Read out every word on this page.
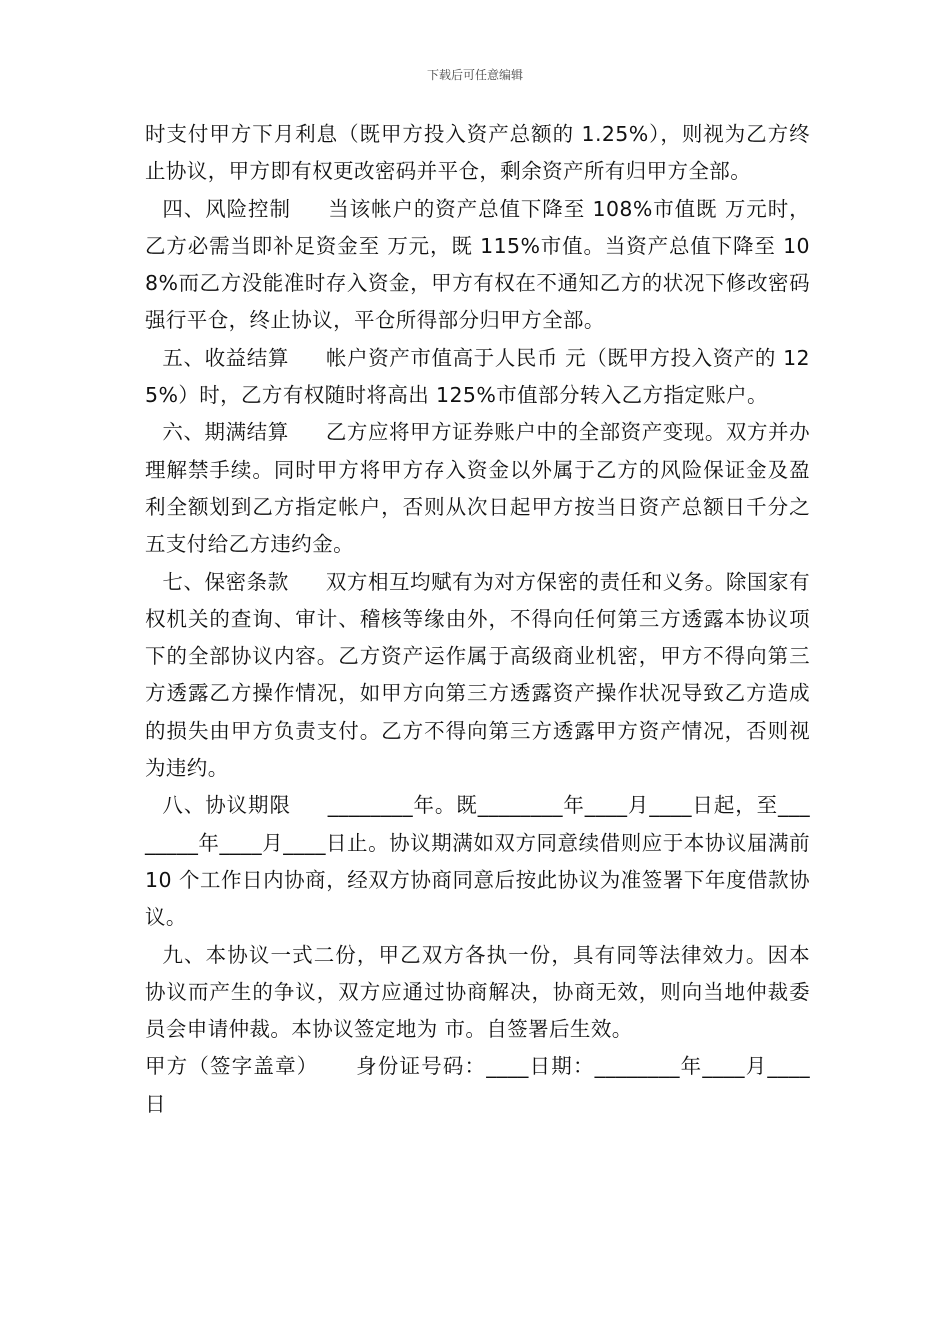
下载后可任意编辑

时支付甲方下月利息（既甲方投入资产总额的 1.25%），则视为乙方终止协议，甲方即有权更改密码并平仓，剩余资产所有归甲方全部。

四、风险控制 当该帐户的资产总值下降至 108%市值既 万元时，乙方必需当即补足资金至 万元，既 115%市值。当资产总值下降至 108%而乙方没能准时存入资金，甲方有权在不通知乙方的状况下修改密码强行平仓，终止协议，平仓所得部分归甲方全部。

五、收益结算 帐户资产市值高于人民币 元（既甲方投入资产的 125%）时，乙方有权随时将高出 125%市值部分转入乙方指定账户。

六、期满结算 乙方应将甲方证券账户中的全部资产变现。双方并办理解禁手续。同时甲方将甲方存入资金以外属于乙方的风险保证金及盈利全额划到乙方指定帐户，否则从次日起甲方按当日资产总额日千分之五支付给乙方违约金。

七、保密条款 双方相互均赋有为对方保密的责任和义务。除国家有权机关的查询、审计、稽核等缘由外，不得向任何第三方透露本协议项下的全部协议内容。乙方资产运作属于高级商业机密，甲方不得向第三方透露乙方操作情况，如甲方向第三方透露资产操作状况导致乙方造成的损失由甲方负责支付。乙方不得向第三方透露甲方资产情况，否则视为违约。

八、协议期限 ________年。既________年____月____日起，至________年____月____日止。协议期满如双方同意续借则应于本协议届满前 10 个工作日内协商，经双方协商同意后按此协议为准签署下年度借款协议。

九、本协议一式二份，甲乙双方各执一份，具有同等法律效力。因本协议而产生的争议，双方应通过协商解决，协商无效，则向当地仲裁委员会申请仲裁。本协议签定地为 市。自签署后生效。

甲方（签字盖章） 身份证号码：____日期：________年____月____日
